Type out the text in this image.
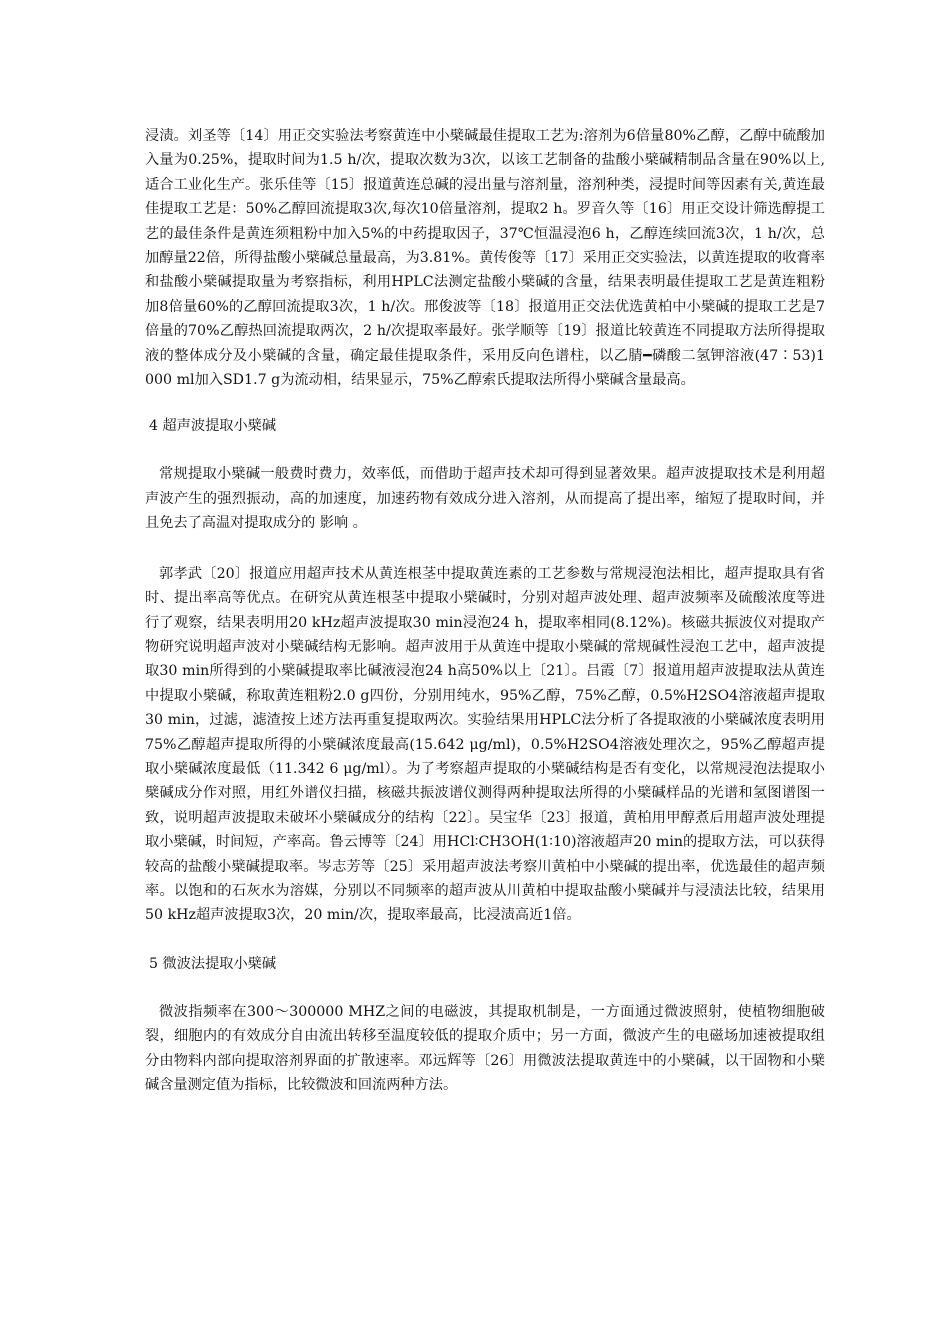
浸渍。刘圣等〔14〕用正交实验法考察黄连中小檗碱最佳提取工艺为:溶剂为6倍量80%乙醇，乙醇中硫酸加入量为0.25%，提取时间为1.5 h/次，提取次数为3次，以该工艺制备的盐酸小檗碱精制品含量在90%以上,适合工业化生产。张乐佳等〔15〕报道黄连总碱的浸出量与溶剂量，溶剂种类，浸提时间等因素有关,黄连最佳提取工艺是：50%乙醇回流提取3次,每次10倍量溶剂，提取2 h。罗音久等〔16〕用正交设计筛选醇提工艺的最佳条件是黄连须粗粉中加入5%的中药提取因子，37℃恒温浸泡6 h，乙醇连续回流3次，1 h/次，总加醇量22倍，所得盐酸小檗碱总量最高，为3.81%。黄传俊等〔17〕采用正交实验法，以黄连提取的收膏率和盐酸小檗碱提取量为考察指标，利用HPLC法测定盐酸小檗碱的含量，结果表明最佳提取工艺是黄连粗粉加8倍量60%的乙醇回流提取3次，1 h/次。邢俊波等〔18〕报道用正交法优选黄柏中小檗碱的提取工艺是7倍量的70%乙醇热回流提取两次，2 h/次提取率最好。张学顺等〔19〕报道比较黄连不同提取方法所得提取液的整体成分及小檗碱的含量，确定最佳提取条件，采用反向色谱柱，以乙腈━磷酸二氢钾溶液(47∶53)1 000 ml加入SD1.7 g为流动相，结果显示，75%乙醇索氏提取法所得小檗碱含量最高。

4 超声波提取小檗碱

常规提取小檗碱一般费时费力，效率低，而借助于超声技术却可得到显著效果。超声波提取技术是利用超声波产生的强烈振动，高的加速度，加速药物有效成分进入溶剂，从而提高了提出率，缩短了提取时间，并且免去了高温对提取成分的 影响 。

郭孝武〔20〕报道应用超声技术从黄连根茎中提取黄连素的工艺参数与常规浸泡法相比，超声提取具有省时、提出率高等优点。在研究从黄连根茎中提取小檗碱时，分别对超声波处理、超声波频率及硫酸浓度等进行了观察，结果表明用20 kHz超声波提取30 min浸泡24 h，提取率相同(8.12%)。核磁共振波仪对提取产物研究说明超声波对小檗碱结构无影响。超声波用于从黄连中提取小檗碱的常规碱性浸泡工艺中，超声波提取30 min所得到的小檗碱提取率比碱液浸泡24 h高50%以上〔21〕。吕霞〔7〕报道用超声波提取法从黄连中提取小檗碱，称取黄连粗粉2.0 g四份，分别用纯水，95%乙醇，75%乙醇，0.5%H2SO4溶液超声提取30 min，过滤，滤渣按上述方法再重复提取两次。实验结果用HPLC法分析了各提取液的小檗碱浓度表明用75%乙醇超声提取所得的小檗碱浓度最高(15.642 μg/ml)，0.5%H2SO4溶液处理次之，95%乙醇超声提取小檗碱浓度最低（11.342 6 μg/ml）。为了考察超声提取的小檗碱结构是否有变化，以常规浸泡法提取小檗碱成分作对照，用红外谱仪扫描，核磁共振波谱仪测得两种提取法所得的小檗碱样品的光谱和氢图谱图一致，说明超声波提取未破坏小檗碱成分的结构〔22〕。吴宝华〔23〕报道，黄柏用甲醇煮后用超声波处理提取小檗碱，时间短，产率高。鲁云博等〔24〕用HCl∶CH3OH(1∶10)溶液超声20 min的提取方法，可以获得较高的盐酸小檗碱提取率。岑志芳等〔25〕采用超声波法考察川黄柏中小檗碱的提出率，优选最佳的超声频率。以饱和的石灰水为溶媒，分别以不同频率的超声波从川黄柏中提取盐酸小檗碱并与浸渍法比较，结果用50 kHz超声波提取3次，20 min/次，提取率最高，比浸渍高近1倍。

5 微波法提取小檗碱

微波指频率在300～300000 MHZ之间的电磁波，其提取机制是，一方面通过微波照射，使植物细胞破裂，细胞内的有效成分自由流出转移至温度较低的提取介质中；另一方面，微波产生的电磁场加速被提取组分由物料内部向提取溶剂界面的扩散速率。邓远辉等〔26〕用微波法提取黄连中的小檗碱，以干固物和小檗碱含量测定值为指标，比较微波和回流两种方法。
